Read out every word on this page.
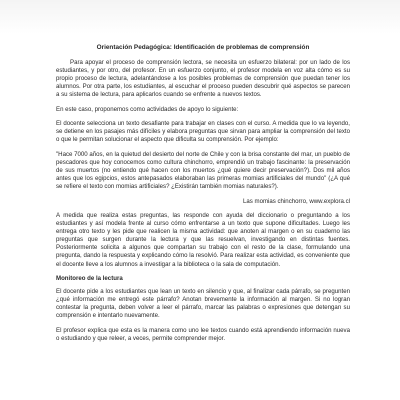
Orientación Pedagógica: Identificación de problemas de comprensión

Para apoyar el proceso de comprensión lectora, se necesita un esfuerzo bilateral: por un lado de los estudiantes, y por otro, del profesor. En un esfuerzo conjunto, el profesor modela en voz alta cómo es su propio proceso de lectura, adelantándose a los posibles problemas de comprensión que puedan tener los alumnos. Por otra parte, los estudiantes, al escuchar el proceso pueden descubrir qué aspectos se parecen a su sistema de lectura, para aplicarlos cuando se enfrente a nuevos textos.

En este caso, proponemos como actividades de apoyo lo siguiente:

El docente selecciona un texto desafiante para trabajar en clases con el curso. A medida que lo va leyendo, se detiene en los pasajes más difíciles y elabora preguntas que sirvan para ampliar la comprensión del texto o que le permitan solucionar el aspecto que dificulta su comprensión. Por ejemplo:

"Hace 7000 años, en la quietud del desierto del norte de Chile y con la brisa constante del mar, un pueblo de pescadores que hoy conocemos como cultura chinchorro, emprendió un trabajo fascinante: la preservación de sus muertos (no entiendo qué hacen con los muertos ¿qué quiere decir preservación?). Dos mil años antes que los egipcios, estos antepasados elaboraban las primeras momias artificiales del mundo" (¿A qué se refiere el texto con momias artificiales? ¿Existirán también momias naturales?).

Las momias chinchorro, www.explora.cl

A medida que realiza estas preguntas, las responde con ayuda del diccionario o preguntando a los estudiantes y así modela frente al curso cómo enfrentarse a un texto que supone dificultades. Luego les entrega otro texto y les pide que realicen la misma actividad: que anoten al margen o en su cuaderno las preguntas que surgen durante la lectura y que las resuelvan, investigando en distintas fuentes. Posteriormente solicita a algunos que compartan su trabajo con el resto de la clase, formulando una pregunta, dando la respuesta y explicando cómo la resolvió. Para realizar esta actividad, es conveniente que el docente lleve a los alumnos a investigar a la biblioteca o la sala de computación.

Monitoreo de la lectura

El docente pide a los estudiantes que lean un texto en silencio y que, al finalizar cada párrafo, se pregunten ¿qué información me entregó este párrafo? Anotan brevemente la información al margen. Si no logran contestar la pregunta, deben volver a leer el párrafo, marcar las palabras o expresiones que detengan su comprensión e intentarlo nuevamente.

El profesor explica que esta es la manera como uno lee textos cuando está aprendiendo información nueva o estudiando y que releer, a veces, permite comprender mejor.
